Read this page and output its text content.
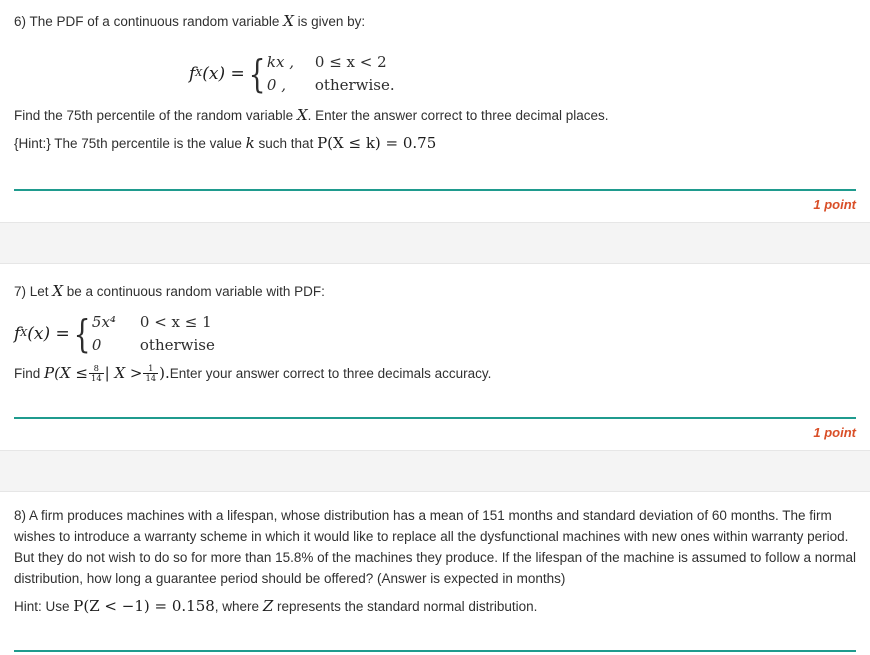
6) The PDF of a continuous random variable X is given by:
f X (x) = { kx ,	0 ≤ x < 2
0 ,	otherwise.
Find the 75th percentile of the random variable X. Enter the answer correct to three decimal places.
{Hint:} The 75th percentile is the value k such that P(X ≤ k) = 0.75
1 point
7) Let X be a continuous random variable with PDF:
f X (x) = { 5x⁴	0 < x ≤ 1
0	otherwise
Find $P(X \le \frac{8}{14}$ | $X > \frac{1}{14}$ ).Enter your answer correct to three decimals accuracy.
1 point
8) A firm produces machines with a lifespan, whose distribution has a mean of 151 months and standard deviation of 60 months. The firm wishes to introduce a warranty scheme in which it would like to replace all the dysfunctional machines with new ones within warranty period. But they do not wish to do so for more than 15.8% of the machines they produce. If the lifespan of the machine is assumed to follow a normal distribution, how long a guarantee period should be offered? (Answer is expected in months)
Hint: Use P(Z < −1) = 0.158, where Z represents the standard normal distribution.
